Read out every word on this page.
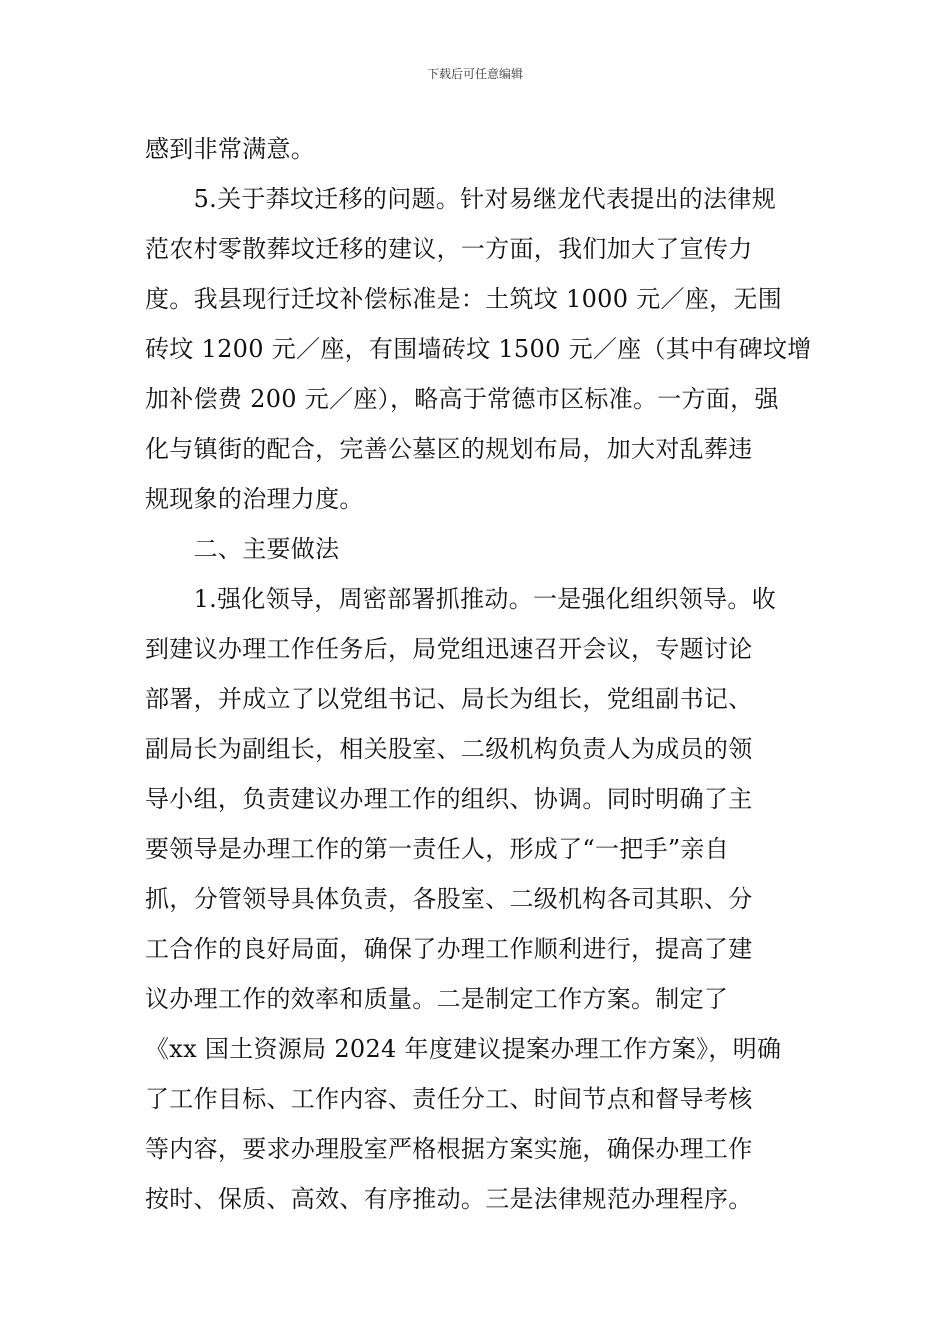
下载后可任意编辑
感到非常满意。
　　5.关于莽坟迁移的问题。针对易继龙代表提出的法律规
范农村零散葬坟迁移的建议，一方面，我们加大了宣传力
度。我县现行迁坟补偿标准是：土筑坟 1000 元／座，无围
砖坟 1200 元／座，有围墙砖坟 1500 元／座（其中有碑坟增
加补偿费 200 元／座），略高于常德市区标准。一方面，强
化与镇街的配合，完善公墓区的规划布局，加大对乱葬违
规现象的治理力度。
　　二、主要做法
　　1.强化领导，周密部署抓推动。一是强化组织领导。收
到建议办理工作任务后，局党组迅速召开会议，专题讨论
部署，并成立了以党组书记、局长为组长，党组副书记、
副局长为副组长，相关股室、二级机构负责人为成员的领
导小组，负责建议办理工作的组织、协调。同时明确了主
要领导是办理工作的第一责任人，形成了“一把手”亲自
抓，分管领导具体负责，各股室、二级机构各司其职、分
工合作的良好局面，确保了办理工作顺利进行，提高了建
议办理工作的效率和质量。二是制定工作方案。制定了
《xx 国土资源局 2024 年度建议提案办理工作方案》，明确
了工作目标、工作内容、责任分工、时间节点和督导考核
等内容，要求办理股室严格根据方案实施，确保办理工作
按时、保质、高效、有序推动。三是法律规范办理程序。
